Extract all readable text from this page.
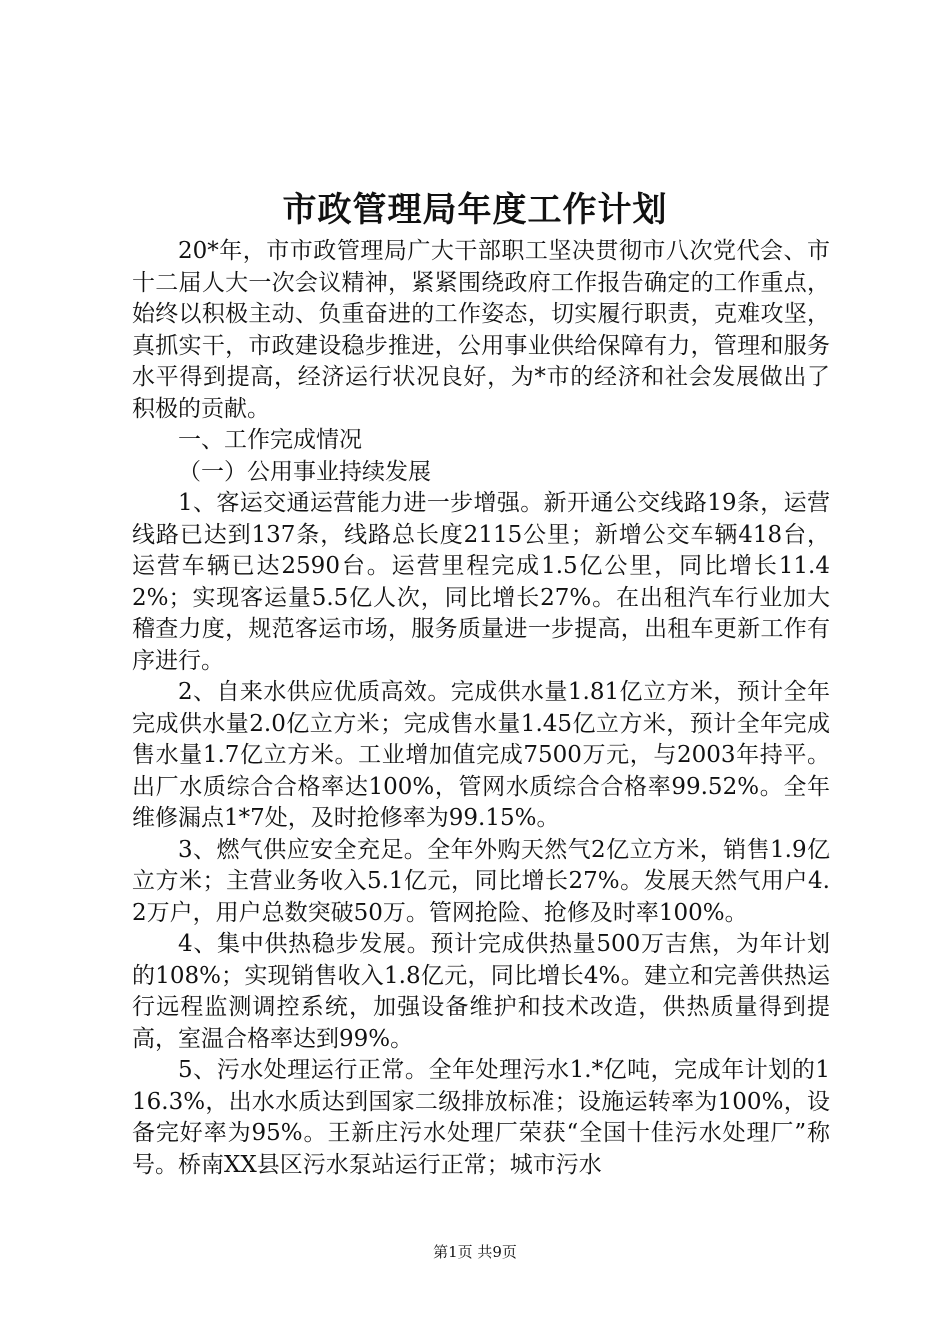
市政管理局年度工作计划

20*年，市市政管理局广大干部职工坚决贯彻市八次党代会、市十二届人大一次会议精神，紧紧围绕政府工作报告确定的工作重点，始终以积极主动、负重奋进的工作姿态，切实履行职责，克难攻坚，真抓实干，市政建设稳步推进，公用事业供给保障有力，管理和服务水平得到提高，经济运行状况良好，为*市的经济和社会发展做出了积极的贡献。

一、工作完成情况

（一）公用事业持续发展

1、客运交通运营能力进一步增强。新开通公交线路19条，运营线路已达到137条，线路总长度2115公里；新增公交车辆418台，运营车辆已达2590台。运营里程完成1.5亿公里，同比增长11.42%；实现客运量5.5亿人次，同比增长27%。在出租汽车行业加大稽查力度，规范客运市场，服务质量进一步提高，出租车更新工作有序进行。

2、自来水供应优质高效。完成供水量1.81亿立方米，预计全年完成供水量2.0亿立方米；完成售水量1.45亿立方米，预计全年完成售水量1.7亿立方米。工业增加值完成7500万元，与2003年持平。出厂水质综合合格率达100%，管网水质综合合格率99.52%。全年维修漏点1*7处，及时抢修率为99.15%。

3、燃气供应安全充足。全年外购天然气2亿立方米，销售1.9亿立方米；主营业务收入5.1亿元，同比增长27%。发展天然气用户4.2万户，用户总数突破50万。管网抢险、抢修及时率100%。

4、集中供热稳步发展。预计完成供热量500万吉焦，为年计划的108%；实现销售收入1.8亿元，同比增长4%。建立和完善供热运行远程监测调控系统，加强设备维护和技术改造，供热质量得到提高，室温合格率达到99%。

5、污水处理运行正常。全年处理污水1.*亿吨，完成年计划的116.3%，出水水质达到国家二级排放标准；设施运转率为100%，设备完好率为95%。王新庄污水处理厂荣获“全国十佳污水处理厂”称号。桥南XX县区污水泵站运行正常；城市污水

第1页 共9页
